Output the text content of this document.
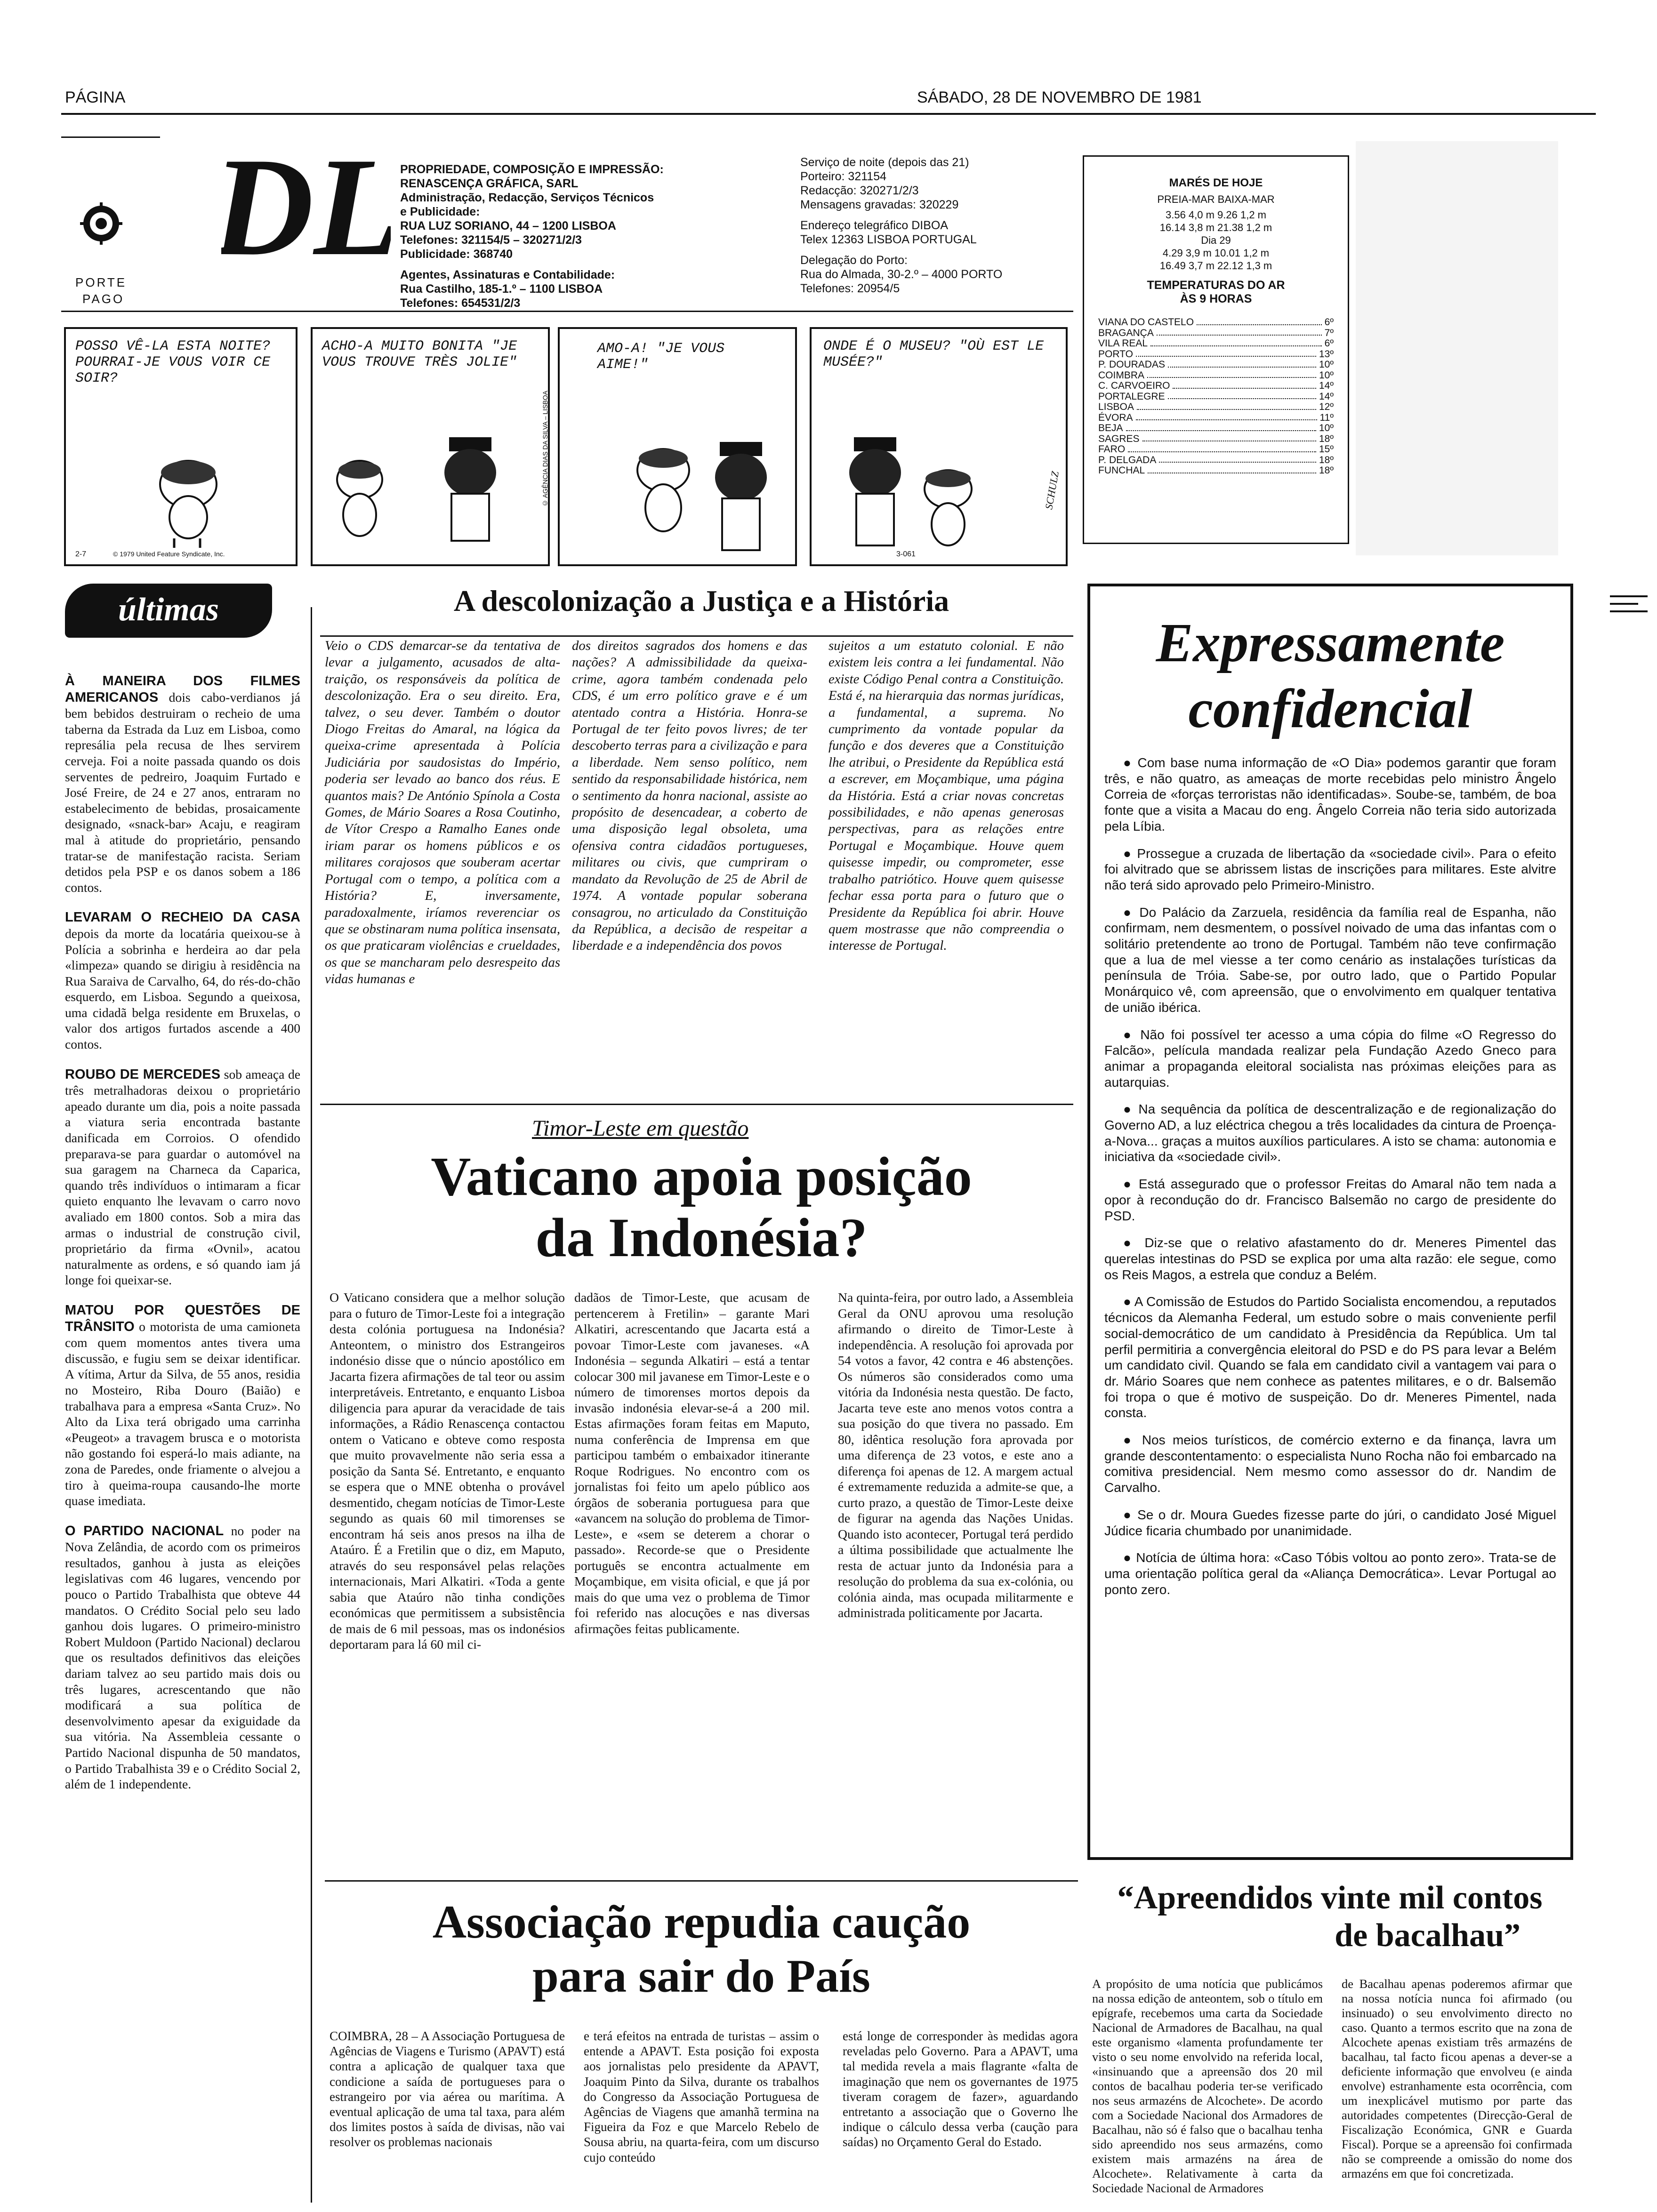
PÁGINA	SÁBADO, 28 DE NOVEMBRO DE 1981
DL
PORTE
PAGO
PROPRIEDADE, COMPOSIÇÃO E IMPRESSÃO:
RENASCENÇA GRÁFICA, SARL
Administração, Redacção, Serviços Técnicos
e Publicidade:
RUA LUZ SORIANO, 44 – 1200 LISBOA
Telefones: 321154/5 – 320271/2/3
Publicidade: 368740
Agentes, Assinaturas e Contabilidade:
Rua Castilho, 185-1.º – 1100 LISBOA
Telefones: 654531/2/3
Serviço de noite (depois das 21)
Porteiro: 321154
Redacção: 320271/2/3
Mensagens gravadas: 320229
Endereço telegráfico DIBOA
Telex 12363 LISBOA PORTUGAL
Delegação do Porto:
Rua do Almada, 30-2.º – 4000 PORTO
Telefones: 20954/5
MARÉS DE HOJE
PREIA-MAR BAIXA-MAR
3.56 4,0 m 9.26 1,2 m
16.14 3,8 m 21.38 1,2 m
Dia 29
4.29 3,9 m 10.01 1,2 m
16.49 3,7 m 22.12 1,3 m
TEMPERATURAS DO AR
ÀS 9 HORAS
VIANA DO CASTELO	6º
BRAGANÇA	7º
VILA REAL	6º
PORTO	13º
P. DOURADAS	10º
COIMBRA	10º
C. CARVOEIRO	14º
PORTALEGRE	14º
LISBOA	12º
ÉVORA	11º
BEJA	10º
SAGRES	18º
FARO	15º
P. DELGADA	18º
FUNCHAL	18º
POSSO VÊ-LA ESTA NOITE? POURRAI-JE VOUS VOIR CE SOIR?
2-7	© 1979 United Feature Syndicate, Inc.
ACHO-A MUITO BONITA "JE VOUS TROUVE TRÈS JOLIE"
© AGÊNCIA DIAS DA SILVA – LISBOA
AMO-A! "JE VOUS AIME!"
ONDE É O MUSEU? "OÙ EST LE MUSÉE?"
SCHULZ
3-061
últimas

À MANEIRA DOS FILMES AMERICANOS dois cabo-verdianos já bem bebidos destruiram o recheio de uma taberna da Estrada da Luz em Lisboa, como represália pela recusa de lhes servirem cerveja. Foi a noite passada quando os dois serventes de pedreiro, Joaquim Furtado e José Freire, de 24 e 27 anos, entraram no estabelecimento de bebidas, prosaicamente designado, «snack-bar» Acaju, e reagiram mal à atitude do proprietário, pensando tratar-se de manifestação racista. Seriam detidos pela PSP e os danos sobem a 186 contos.

LEVARAM O RECHEIO DA CASA depois da morte da locatária queixou-se à Polícia a sobrinha e herdeira ao dar pela «limpeza» quando se dirigiu à residência na Rua Saraiva de Carvalho, 64, do rés-do-chão esquerdo, em Lisboa. Segundo a queixosa, uma cidadã belga residente em Bruxelas, o valor dos artigos furtados ascende a 400 contos.

ROUBO DE MERCEDES sob ameaça de três metralhadoras deixou o proprietário apeado durante um dia, pois a noite passada a viatura seria encontrada bastante danificada em Corroios. O ofendido preparava-se para guardar o automóvel na sua garagem na Charneca da Caparica, quando três indivíduos o intimaram a ficar quieto enquanto lhe levavam o carro novo avaliado em 1800 contos. Sob a mira das armas o industrial de construção civil, proprietário da firma «Ovnil», acatou naturalmente as ordens, e só quando iam já longe foi queixar-se.

MATOU POR QUESTÕES DE TRÂNSITO o motorista de uma camioneta com quem momentos antes tivera uma discussão, e fugiu sem se deixar identificar. A vítima, Artur da Silva, de 55 anos, residia no Mosteiro, Riba Douro (Baião) e trabalhava para a empresa «Santa Cruz». No Alto da Lixa terá obrigado uma carrinha «Peugeot» a travagem brusca e o motorista não gostando foi esperá-lo mais adiante, na zona de Paredes, onde friamente o alvejou a tiro à queima-roupa causando-lhe morte quase imediata.

O PARTIDO NACIONAL no poder na Nova Zelândia, de acordo com os primeiros resultados, ganhou à justa as eleições legislativas com 46 lugares, vencendo por pouco o Partido Trabalhista que obteve 44 mandatos. O Crédito Social pelo seu lado ganhou dois lugares. O primeiro-ministro Robert Muldoon (Partido Nacional) declarou que os resultados definitivos das eleições dariam talvez ao seu partido mais dois ou três lugares, acrescentando que não modificará a sua política de desenvolvimento apesar da exiguidade da sua vitória. Na Assembleia cessante o Partido Nacional dispunha de 50 mandatos, o Partido Trabalhista 39 e o Crédito Social 2, além de 1 independente.

A descolonização a Justiça e a História
Veio o CDS demarcar-se da tentativa de levar a julgamento, acusados de alta-traição, os responsáveis da política de descolonização. Era o seu direito. Era, talvez, o seu dever. Também o doutor Diogo Freitas do Amaral, na lógica da queixa-crime apresentada à Polícia Judiciária por saudosistas do Império, poderia ser levado ao banco dos réus. E quantos mais? De António Spínola a Costa Gomes, de Mário Soares a Rosa Coutinho, de Vítor Crespo a Ramalho Eanes onde iriam parar os homens públicos e os militares corajosos que souberam acertar Portugal com o tempo, a política com a História? E, inversamente, paradoxalmente, iríamos reverenciar os que se obstinaram numa política insensata, os que praticaram violências e crueldades, os que se mancharam pelo desrespeito das vidas humanas e
dos direitos sagrados dos homens e das nações? A admissibilidade da queixa-crime, agora também condenada pelo CDS, é um erro político grave e é um atentado contra a História. Honra-se Portugal de ter feito povos livres; de ter descoberto terras para a civilização e para a liberdade. Nem senso político, nem sentido da responsabilidade histórica, nem o sentimento da honra nacional, assiste ao propósito de desencadear, a coberto de uma disposição legal obsoleta, uma ofensiva contra cidadãos portugueses, militares ou civis, que cumpriram o mandato da Revolução de 25 de Abril de 1974. A vontade popular soberana consagrou, no articulado da Constituição da República, a decisão de respeitar a liberdade e a independência dos povos
sujeitos a um estatuto colonial. E não existem leis contra a lei fundamental. Não existe Código Penal contra a Constituição. Está é, na hierarquia das normas jurídicas, a fundamental, a suprema. No cumprimento da vontade popular da função e dos deveres que a Constituição lhe atribui, o Presidente da República está a escrever, em Moçambique, uma página da História. Está a criar novas concretas possibilidades, e não apenas generosas perspectivas, para as relações entre Portugal e Moçambique. Houve quem quisesse impedir, ou comprometer, esse trabalho patriótico. Houve quem quisesse fechar essa porta para o futuro que o Presidente da República foi abrir. Houve quem mostrasse que não compreendia o interesse de Portugal.
Timor-Leste em questão
Vaticano apoia posição
da Indonésia?
O Vaticano considera que a melhor solução para o futuro de Timor-Leste foi a integração desta colónia portuguesa na Indonésia? Anteontem, o ministro dos Estrangeiros indonésio disse que o núncio apostólico em Jacarta fizera afirmações de tal teor ou assim interpretáveis. Entretanto, e enquanto Lisboa diligencia para apurar da veracidade de tais informações, a Rádio Renascença contactou ontem o Vaticano e obteve como resposta que muito provavelmente não seria essa a posição da Santa Sé. Entretanto, e enquanto se espera que o MNE obtenha o provável desmentido, chegam notícias de Timor-Leste segundo as quais 60 mil timorenses se encontram há seis anos presos na ilha de Ataúro. É a Fretilin que o diz, em Maputo, através do seu responsável pelas relações internacionais, Mari Alkatiri. «Toda a gente sabia que Ataúro não tinha condições económicas que permitissem a subsistência de mais de 6 mil pessoas, mas os indonésios deportaram para lá 60 mil ci-
dadãos de Timor-Leste, que acusam de pertencerem à Fretilin» – garante Mari Alkatiri, acrescentando que Jacarta está a povoar Timor-Leste com javaneses. «A Indonésia – segunda Alkatiri – está a tentar colocar 300 mil javanese em Timor-Leste e o número de timorenses mortos depois da invasão indonésia elevar-se-á a 200 mil. Estas afirmações foram feitas em Maputo, numa conferência de Imprensa em que participou também o embaixador itinerante Roque Rodrigues. No encontro com os jornalistas foi feito um apelo público aos órgãos de soberania portuguesa para que «avancem na solução do problema de Timor-Leste», e «sem se deterem a chorar o passado». Recorde-se que o Presidente português se encontra actualmente em Moçambique, em visita oficial, e que já por mais do que uma vez o problema de Timor foi referido nas alocuções e nas diversas afirmações feitas publicamente.
Na quinta-feira, por outro lado, a Assembleia Geral da ONU aprovou uma resolução afirmando o direito de Timor-Leste à independência. A resolução foi aprovada por 54 votos a favor, 42 contra e 46 abstenções. Os números são considerados como uma vitória da Indonésia nesta questão. De facto, Jacarta teve este ano menos votos contra a sua posição do que tivera no passado. Em 80, idêntica resolução fora aprovada por uma diferença de 23 votos, e este ano a diferença foi apenas de 12. A margem actual é extremamente reduzida a admite-se que, a curto prazo, a questão de Timor-Leste deixe de figurar na agenda das Nações Unidas. Quando isto acontecer, Portugal terá perdido a última possibilidade que actualmente lhe resta de actuar junto da Indonésia para a resolução do problema da sua ex-colónia, ou colónia ainda, mas ocupada militarmente e administrada politicamente por Jacarta.
Associação repudia caução
para sair do País
COIMBRA, 28 – A Associação Portuguesa de Agências de Viagens e Turismo (APAVT) está contra a aplicação de qualquer taxa que condicione a saída de portugueses para o estrangeiro por via aérea ou marítima. A eventual aplicação de uma tal taxa, para além dos limites postos à saída de divisas, não vai resolver os problemas nacionais
e terá efeitos na entrada de turistas – assim o entende a APAVT. Esta posição foi exposta aos jornalistas pelo presidente da APAVT, Joaquim Pinto da Silva, durante os trabalhos do Congresso da Associação Portuguesa de Agências de Viagens que amanhã termina na Figueira da Foz e que Marcelo Rebelo de Sousa abriu, na quarta-feira, com um discurso cujo conteúdo
está longe de corresponder às medidas agora reveladas pelo Governo. Para a APAVT, uma tal medida revela a mais flagrante «falta de imaginação que nem os governantes de 1975 tiveram coragem de fazer», aguardando entretanto a associação que o Governo lhe indique o cálculo dessa verba (caução para saídas) no Orçamento Geral do Estado.
Expressamente
confidencial
● Com base numa informação de «O Dia» podemos garantir que foram três, e não quatro, as ameaças de morte recebidas pelo ministro Ângelo Correia de «forças terroristas não identificadas». Soube-se, também, de boa fonte que a visita a Macau do eng. Ângelo Correia não teria sido autorizada pela Líbia.
● Prossegue a cruzada de libertação da «sociedade civil». Para o efeito foi alvitrado que se abrissem listas de inscrições para militares. Este alvitre não terá sido aprovado pelo Primeiro-Ministro.
● Do Palácio da Zarzuela, residência da família real de Espanha, não confirmam, nem desmentem, o possível noivado de uma das infantas com o solitário pretendente ao trono de Portugal. Também não teve confirmação que a lua de mel viesse a ter como cenário as instalações turísticas da península de Tróia. Sabe-se, por outro lado, que o Partido Popular Monárquico vê, com apreensão, que o envolvimento em qualquer tentativa de união ibérica.
● Não foi possível ter acesso a uma cópia do filme «O Regresso do Falcão», película mandada realizar pela Fundação Azedo Gneco para animar a propaganda eleitoral socialista nas próximas eleições para as autarquias.
● Na sequência da política de descentralização e de regionalização do Governo AD, a luz eléctrica chegou a três localidades da cintura de Proença-a-Nova... graças a muitos auxílios particulares. A isto se chama: autonomia e iniciativa da «sociedade civil».
● Está assegurado que o professor Freitas do Amaral não tem nada a opor à recondução do dr. Francisco Balsemão no cargo de presidente do PSD.
● Diz-se que o relativo afastamento do dr. Meneres Pimentel das querelas intestinas do PSD se explica por uma alta razão: ele segue, como os Reis Magos, a estrela que conduz a Belém.
● A Comissão de Estudos do Partido Socialista encomendou, a reputados técnicos da Alemanha Federal, um estudo sobre o mais conveniente perfil social-democrático de um candidato à Presidência da República. Um tal perfil permitiria a convergência eleitoral do PSD e do PS para levar a Belém um candidato civil. Quando se fala em candidato civil a vantagem vai para o dr. Mário Soares que nem conhece as patentes militares, e o dr. Balsemão foi tropa o que é motivo de suspeição. Do dr. Meneres Pimentel, nada consta.
● Nos meios turísticos, de comércio externo e da finança, lavra um grande descontentamento: o especialista Nuno Rocha não foi embarcado na comitiva presidencial. Nem mesmo como assessor do dr. Nandim de Carvalho.
● Se o dr. Moura Guedes fizesse parte do júri, o candidato José Miguel Júdice ficaria chumbado por unanimidade.
● Notícia de última hora: «Caso Tóbis voltou ao ponto zero». Trata-se de uma orientação política geral da «Aliança Democrática». Levar Portugal ao ponto zero.
“Apreendidos vinte mil contos
de bacalhau”
A propósito de uma notícia que publicámos na nossa edição de anteontem, sob o título em epígrafe, recebemos uma carta da Sociedade Nacional de Armadores de Bacalhau, na qual este organismo «lamenta profundamente ter visto o seu nome envolvido na referida local, «insinuando que a apreensão dos 20 mil contos de bacalhau poderia ter-se verificado nos seus armazéns de Alcochete». De acordo com a Sociedade Nacional dos Armadores de Bacalhau, não só é falso que o bacalhau tenha sido apreendido nos seus armazéns, como existem mais armazéns na área de Alcochete». Relativamente à carta da Sociedade Nacional de Armadores
de Bacalhau apenas poderemos afirmar que na nossa notícia nunca foi afirmado (ou insinuado) o seu envolvimento directo no caso. Quanto a termos escrito que na zona de Alcochete apenas existiam três armazéns de bacalhau, tal facto ficou apenas a dever-se a deficiente informação que envolveu (e ainda envolve) estranhamente esta ocorrência, com um inexplicável mutismo por parte das autoridades competentes (Direcção-Geral de Fiscalização Económica, GNR e Guarda Fiscal). Porque se a apreensão foi confirmada não se compreende a omissão do nome dos armazéns em que foi concretizada.
